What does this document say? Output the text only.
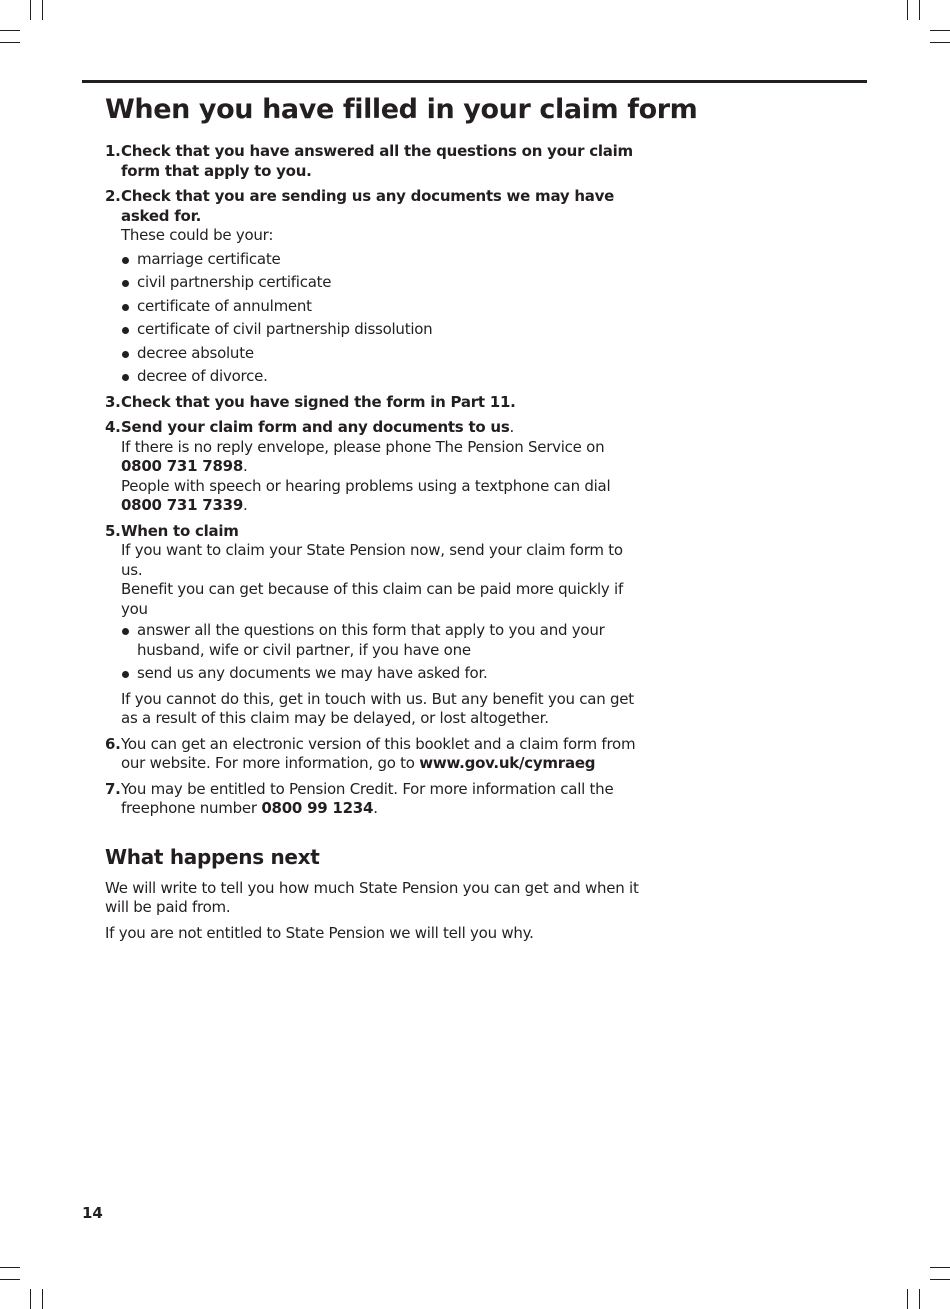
When you have filled in your claim form
1. Check that you have answered all the questions on your claim form that apply to you.
2. Check that you are sending us any documents we may have asked for.
These could be your:
marriage certificate
civil partnership certificate
certificate of annulment
certificate of civil partnership dissolution
decree absolute
decree of divorce.
3. Check that you have signed the form in Part 11.
4. Send your claim form and any documents to us.
If there is no reply envelope, please phone The Pension Service on
0800 731 7898.
People with speech or hearing problems using a textphone can dial
0800 731 7339.
5. When to claim
If you want to claim your State Pension now, send your claim form to us.
Benefit you can get because of this claim can be paid more quickly if you
answer all the questions on this form that apply to you and your husband, wife or civil partner, if you have one
send us any documents we may have asked for.
If you cannot do this, get in touch with us. But any benefit you can get as a result of this claim may be delayed, or lost altogether.
6. You can get an electronic version of this booklet and a claim form from our website. For more information, go to www.gov.uk/cymraeg
7. You may be entitled to Pension Credit. For more information call the freephone number 0800 99 1234.
What happens next

We will write to tell you how much State Pension you can get and when it will be paid from.

If you are not entitled to State Pension we will tell you why.

14
